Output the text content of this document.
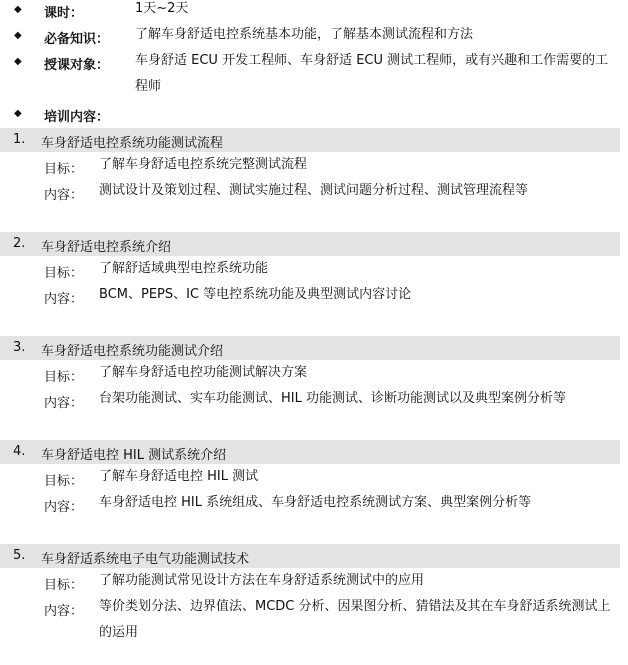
◆ 课时：	1天~2天
◆ 必备知识： 了解车身舒适电控系统基本功能，了解基本测试流程和方法
◆ 授课对象： 车身舒适 ECU 开发工程师、车身舒适 ECU 测试工程师，或有兴趣和工作需要的工程师
◆ 培训内容：
1. 车身舒适电控系统功能测试流程
目标： 了解车身舒适电控系统完整测试流程
内容： 测试设计及策划过程、测试实施过程、测试问题分析过程、测试管理流程等
2. 车身舒适电控系统介绍
目标： 了解舒适域典型电控系统功能
内容： BCM、PEPS、IC 等电控系统功能及典型测试内容讨论
3. 车身舒适电控系统功能测试介绍
目标： 了解车身舒适电控功能测试解决方案
内容： 台架功能测试、实车功能测试、HIL 功能测试、诊断功能测试以及典型案例分析等
4. 车身舒适电控 HIL 测试系统介绍
目标： 了解车身舒适电控 HIL 测试
内容： 车身舒适电控 HIL 系统组成、车身舒适电控系统测试方案、典型案例分析等
5. 车身舒适系统电子电气功能测试技术
目标： 了解功能测试常见设计方法在车身舒适系统测试中的应用
内容： 等价类划分法、边界值法、MCDC 分析、因果图分析、猜错法及其在车身舒适系统测试上的运用
